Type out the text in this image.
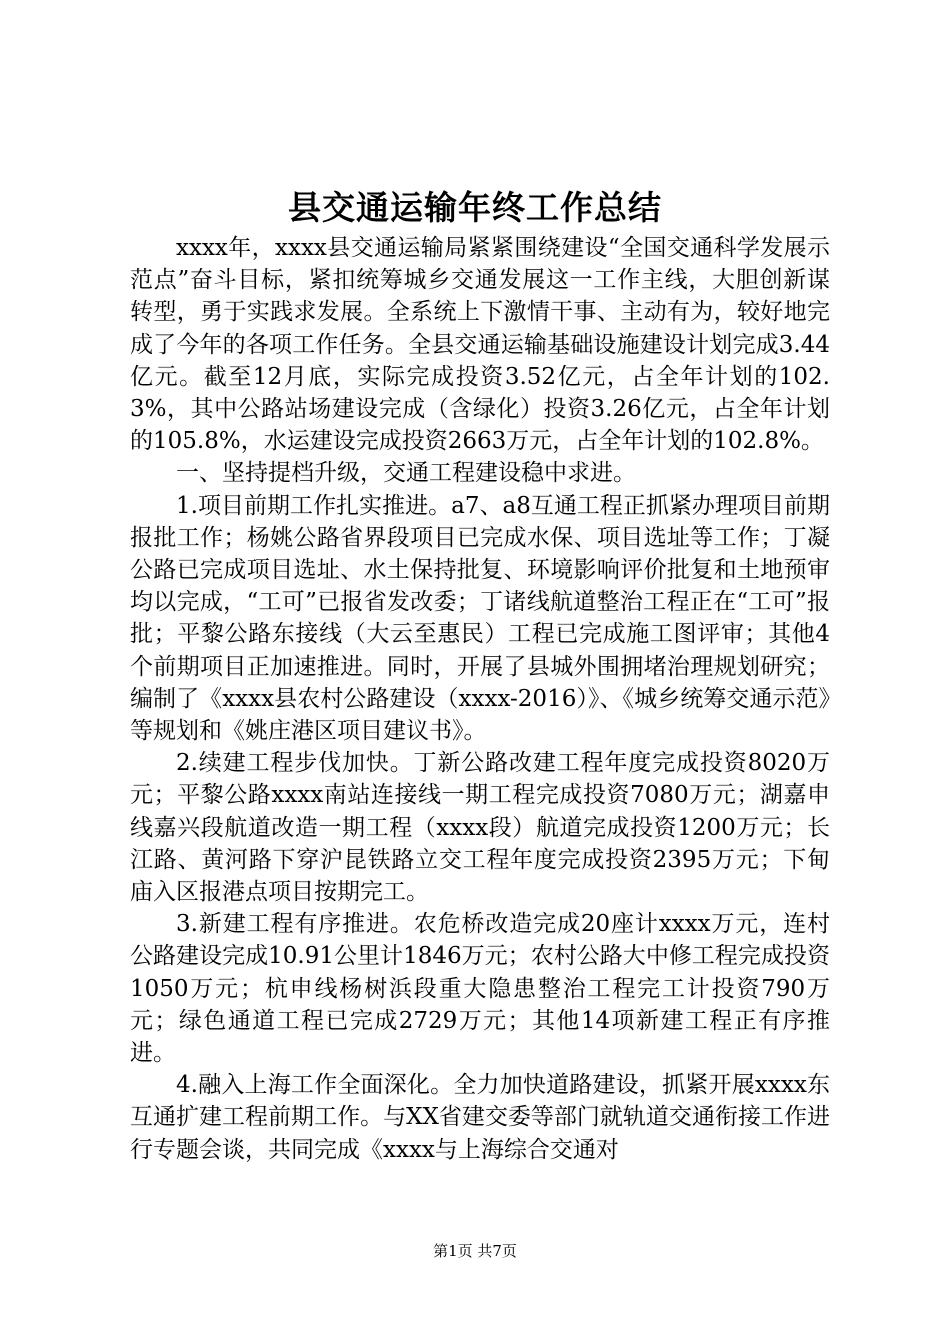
县交通运输年终工作总结

xxxx年，xxxx县交通运输局紧紧围绕建设“全国交通科学发展示范点”奋斗目标，紧扣统筹城乡交通发展这一工作主线，大胆创新谋转型，勇于实践求发展。全系统上下激情干事、主动有为，较好地完成了今年的各项工作任务。全县交通运输基础设施建设计划完成3.44亿元。截至12月底，实际完成投资3.52亿元，占全年计划的102.3%，其中公路站场建设完成（含绿化）投资3.26亿元，占全年计划的105.8%，水运建设完成投资2663万元，占全年计划的102.8%。

一、坚持提档升级，交通工程建设稳中求进。

1.项目前期工作扎实推进。a7、a8互通工程正抓紧办理项目前期报批工作；杨姚公路省界段项目已完成水保、项目选址等工作；丁凝公路已完成项目选址、水土保持批复、环境影响评价批复和土地预审均以完成，“工可”已报省发改委；丁诸线航道整治工程正在“工可”报批；平黎公路东接线（大云至惠民）工程已完成施工图评审；其他4个前期项目正加速推进。同时，开展了县城外围拥堵治理规划研究；编制了《xxxx县农村公路建设（xxxx-2016）》、《城乡统筹交通示范》等规划和《姚庄港区项目建议书》。

2.续建工程步伐加快。丁新公路改建工程年度完成投资8020万元；平黎公路xxxx南站连接线一期工程完成投资7080万元；湖嘉申线嘉兴段航道改造一期工程（xxxx段）航道完成投资1200万元；长江路、黄河路下穿沪昆铁路立交工程年度完成投资2395万元；下甸庙入区报港点项目按期完工。

3.新建工程有序推进。农危桥改造完成20座计xxxx万元，连村公路建设完成10.91公里计1846万元；农村公路大中修工程完成投资1050万元；杭申线杨树浜段重大隐患整治工程完工计投资790万元；绿色通道工程已完成2729万元；其他14项新建工程正有序推进。

4.融入上海工作全面深化。全力加快道路建设，抓紧开展xxxx东互通扩建工程前期工作。与XX省建交委等部门就轨道交通衔接工作进行专题会谈，共同完成《xxxx与上海综合交通对

第1页 共7页
